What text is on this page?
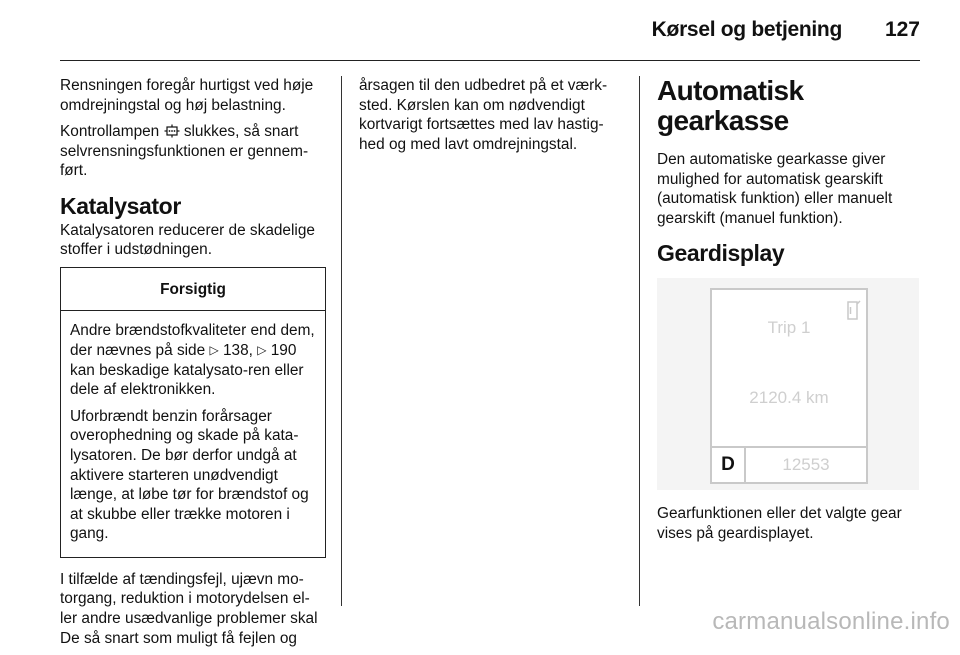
Kørsel og betjening 127

Rensningen foregår hurtigst ved høje omdrejningstal og høj belastning.

Kontrollampen slukkes, så snart selvrensningsfunktionen er gennem-ført.

Katalysator

Katalysatoren reducerer de skadelige stoffer i udstødningen.

Forsigtig

Andre brændstofkvaliteter end dem, der nævnes på side ▷ 138, ▷ 190 kan beskadige katalysato-ren eller dele af elektronikken.

Uforbrændt benzin forårsager overophedning og skade på kata-lysatoren. De bør derfor undgå at aktivere starteren unødvendigt længe, at løbe tør for brændstof og at skubbe eller trække motoren i gang.

I tilfælde af tændingsfejl, ujævn mo-torgang, reduktion i motorydelsen el-ler andre usædvanlige problemer skal De så snart som muligt få fejlen og

årsagen til den udbedret på et værk-sted. Kørslen kan om nødvendigt kortvarigt fortsættes med lav hastig-hed og med lavt omdrejningstal.

Automatisk gearkasse

Den automatiske gearkasse giver mulighed for automatisk gearskift (automatisk funktion) eller manuelt gearskift (manuel funktion).

Geardisplay
Trip 1
2120.4 km
D	12553

Gearfunktionen eller det valgte gear vises på geardisplayet.

carmanualsonline.info
